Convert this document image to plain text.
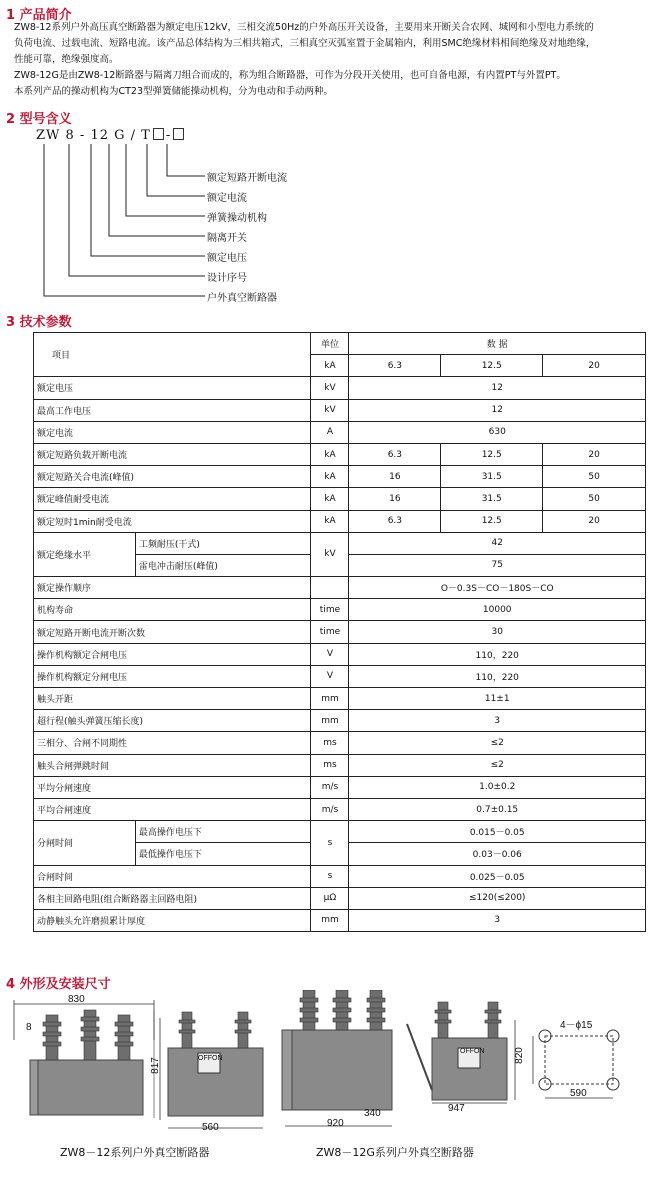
1 产品简介
ZW8-12系列户外高压真空断路器为额定电压12kV，三相交流50Hz的户外高压开关设备，主要用来开断关合农网、城网和小型电力系统的
负荷电流、过载电流、短路电流。该产品总体结构为三相共箱式，三相真空灭弧室置于金属箱内，利用SMC绝缘材料相间绝缘及对地绝缘，
性能可靠，绝缘强度高。
ZW8-12G是由ZW8-12断路器与隔离刀组合而成的，称为组合断路器，可作为分段开关使用，也可自备电源，有内置PT与外置PT。
本系列产品的操动机构为CT23型弹簧储能操动机构，分为电动和手动两种。
2 型号含义
ZW 8 - 12 G / T -
额定短路开断电流
额定电流
弹簧操动机构
隔离开关
额定电压
设计序号
户外真空断路器
3 技术参数
项目		单位	数 据		
		kA	6.3	12.5	20
额定电压		kV	12		
最高工作电压		kV	12		
额定电流		A	630		
额定短路负载开断电流		kA	6.3	12.5	20
额定短路关合电流(峰值)		kA	16	31.5	50
额定峰值耐受电流		kA	16	31.5	50
额定短时1min耐受电流		kA	6.3	12.5	20
额定绝缘水平	工频耐压(干式)	kV	42		
	雷电冲击耐压(峰值)		75		
额定操作顺序			O－0.3S－CO－180S－CO		
机构寿命		time	10000		
额定短路开断电流开断次数		time	30		
操作机构额定合闸电压		V	110，220		
操作机构额定分闸电压		V	110，220		
触头开距		mm	11±1		
超行程(触头弹簧压缩长度)		mm	3		
三相分、合闸不同期性		ms	≤2		
触头合闸弹跳时间		ms	≤2		
平均分闸速度		m/s	1.0±0.2		
平均合闸速度		m/s	0.7±0.15		
分闸时间	最高操作电压下	s	0.015－0.05		
	最低操作电压下		0.03－0.06		
合闸时间		s	0.025－0.05		
各相主回路电阻(组合断路器主回路电阻)		μΩ	≤120(≤200)		
动静触头允许磨损累计厚度		mm	3		
4 外形及安装尺寸
830
8
817
560
OFFON
920
340
OFFON
947
820
590
4－ϕ15
ZW8－12系列户外真空断路器	ZW8－12G系列户外真空断路器
